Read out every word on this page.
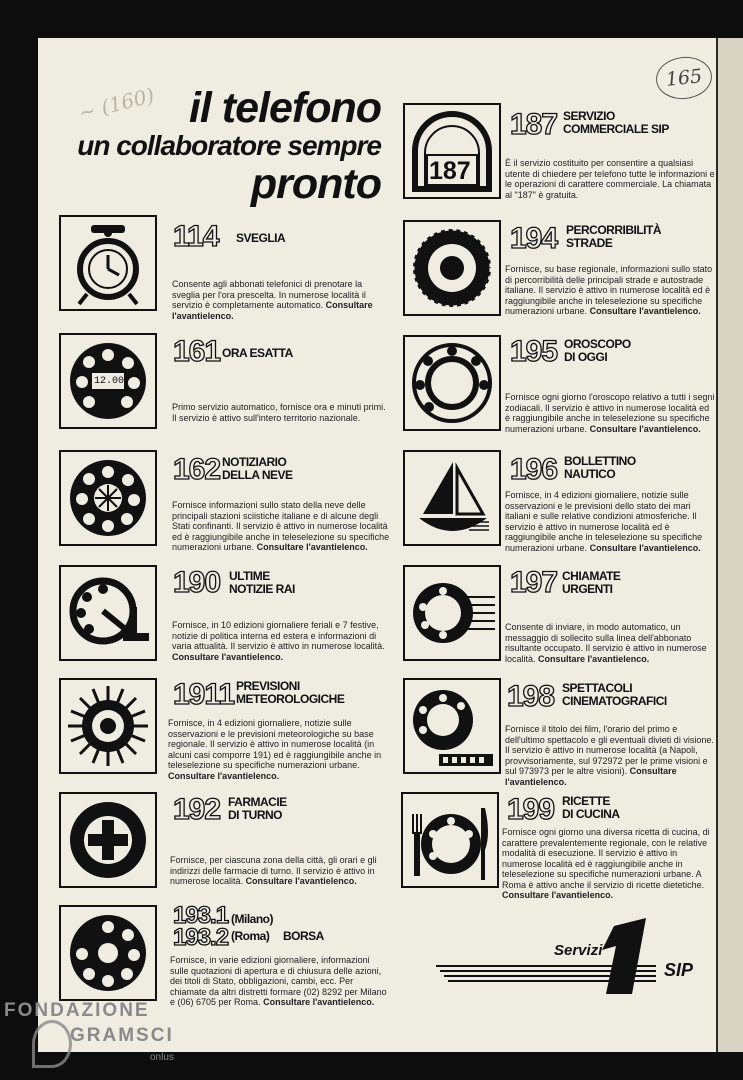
~ (160)
165
il telefono
un collaboratore sempre
pronto
114 SVEGLIA
Consente agli abbonati telefonici di prenotare la sveglia per l'ora prescelta. In numerose località il servizio è completamente automatico. Consultare l'avantielenco.
12.00
161 ORA ESATTA
Primo servizio automatico, fornisce ora e minuti primi. Il servizio è attivo sull'intero territorio nazionale.
162 NOTIZIARIO
DELLA NEVE
Fornisce informazioni sullo stato della neve delle principali stazioni sciistiche italiane e di alcune degli Stati confinanti. Il servizio è attivo in numerose località ed è raggiungibile anche in teleselezione su specifiche numerazioni urbane. Consultare l'avantielenco.
190 ULTIME
NOTIZIE RAI
Fornisce, in 10 edizioni giornaliere feriali e 7 festive, notizie di politica interna ed estera e informazioni di varia attualità. Il servizio è attivo in numerose località. Consultare l'avantielenco.
1911 PREVISIONI
METEOROLOGICHE
Fornisce, in 4 edizioni giornaliere, notizie sulle osservazioni e le previsioni meteorologiche su base regionale. Il servizio è attivo in numerose località (in alcuni casi comporre 191) ed è raggiungibile anche in teleselezione su specifiche numerazioni urbane. Consultare l'avantielenco.
192 FARMACIE
DI TURNO
Fornisce, per ciascuna zona della città, gli orari e gli indirizzi delle farmacie di turno. Il servizio è attivo in numerose località. Consultare l'avantielenco.
193.1
193.2
(Milano)
(Roma) BORSA
Fornisce, in varie edizioni giornaliere, informazioni sulle quotazioni di apertura e di chiusura delle azioni, dei titoli di Stato, obbligazioni, cambi, ecc. Per chiamate da altri distretti formare (02) 8292 per Milano e (06) 6705 per Roma. Consultare l'avantielenco.
187
187 SERVIZIO
COMMERCIALE SIP
È il servizio costituito per consentire a qualsiasi utente di chiedere per telefono tutte le informazioni e le operazioni di carattere commerciale. La chiamata al "187" è gratuita.
194 PERCORRIBILITÀ
STRADE
Fornisce, su base regionale, informazioni sullo stato di percorribilità delle principali strade e autostrade italiane. Il servizio è attivo in numerose località ed è raggiungibile anche in teleselezione su specifiche numerazioni urbane. Consultare l'avantielenco.
195 OROSCOPO
DI OGGI
Fornisce ogni giorno l'oroscopo relativo a tutti i segni zodiacali. Il servizio è attivo in numerose località ed è raggiungibile anche in teleselezione su specifiche numerazioni urbane. Consultare l'avantielenco.
196 BOLLETTINO
NAUTICO
Fornisce, in 4 edizioni giornaliere, notizie sulle osservazioni e le previsioni dello stato dei mari italiani e sulle relative condizioni atmosferiche. Il servizio è attivo in numerose località ed è raggiungibile anche in teleselezione su specifiche numerazioni urbane. Consultare l'avantielenco.
197 CHIAMATE
URGENTI
Consente di inviare, in modo automatico, un messaggio di sollecito sulla linea dell'abbonato risultante occupato. Il servizio è attivo in numerose località. Consultare l'avantielenco.
198 SPETTACOLI
CINEMATOGRAFICI
Fornisce il titolo dei film, l'orario del primo e dell'ultimo spettacolo e gli eventuali divieti di visione. Il servizio è attivo in numerose località (a Napoli, provvisoriamente, sul 972972 per le prime visioni e sul 973973 per le altre visioni). Consultare l'avantielenco.
199 RICETTE
DI CUCINA
Fornisce ogni giorno una diversa ricetta di cucina, di carattere prevalentemente regionale, con le relative modalità di esecuzione. Il servizio è attivo in numerose località ed è raggiungibile anche in teleselezione su specifiche numerazioni urbane. A Roma è attivo anche il servizio di ricette dietetiche. Consultare l'avantielenco.
Servizi
SIP
FONDAZIONE
GRAMSCI
onlus
